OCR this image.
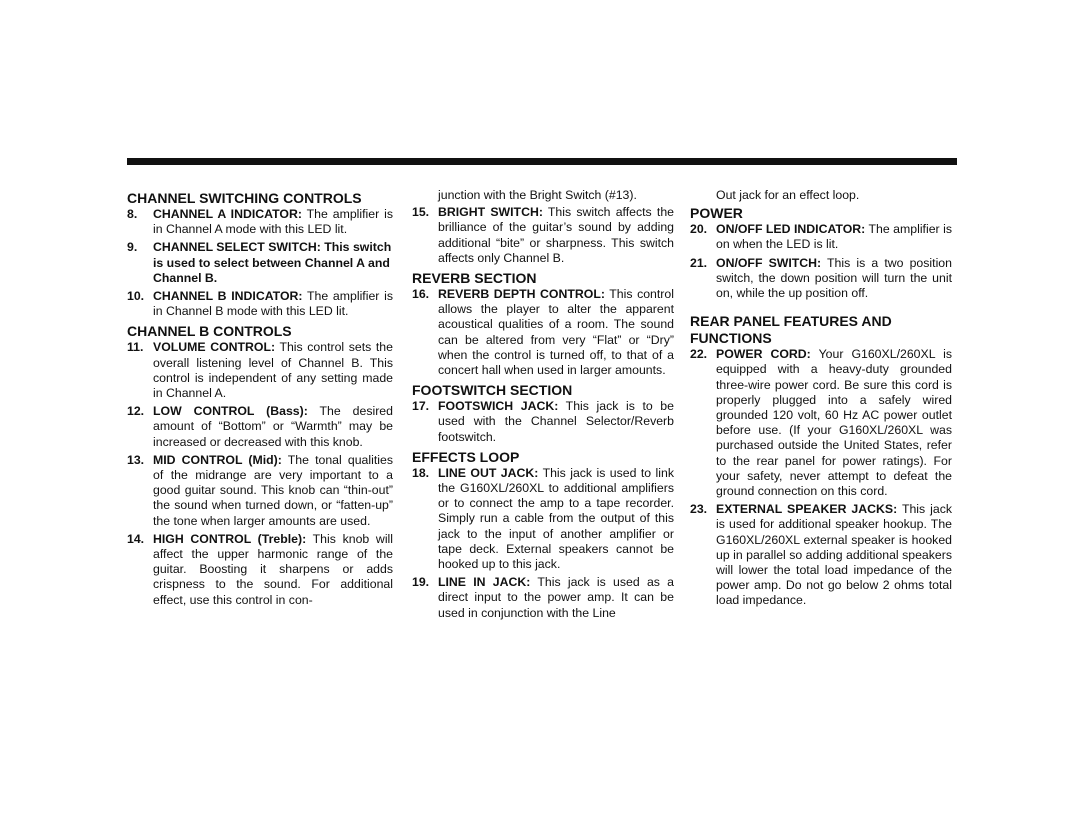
CHANNEL SWITCHING CONTROLS

8. CHANNEL A INDICATOR: The amplifier is in Channel A mode with this LED lit.

9. CHANNEL SELECT SWITCH: This switch is used to select between Channel A and Channel B.

10. CHANNEL B INDICATOR: The amplifier is in Channel B mode with this LED lit.

CHANNEL B CONTROLS

11. VOLUME CONTROL: This control sets the overall listening level of Channel B. This control is independent of any setting made in Channel A.

12. LOW CONTROL (Bass): The desired amount of “Bottom” or “Warmth” may be increased or decreased with this knob.

13. MID CONTROL (Mid): The tonal qualities of the midrange are very important to a good guitar sound. This knob can “thin-out” the sound when turned down, or “fatten-up” the tone when larger amounts are used.

14. HIGH CONTROL (Treble): This knob will affect the upper harmonic range of the guitar. Boosting it sharpens or adds crispness to the sound. For additional effect, use this control in con-

junction with the Bright Switch (#13).

15. BRIGHT SWITCH: This switch affects the brilliance of the guitar’s sound by adding additional “bite” or sharpness. This switch affects only Channel B.

REVERB SECTION

16. REVERB DEPTH CONTROL: This control allows the player to alter the apparent acoustical qualities of a room. The sound can be altered from very “Flat” or “Dry” when the control is turned off, to that of a concert hall when used in larger amounts.

FOOTSWITCH SECTION

17. FOOTSWICH JACK: This jack is to be used with the Channel Selector/Reverb footswitch.

EFFECTS LOOP

18. LINE OUT JACK: This jack is used to link the G160XL/260XL to additional amplifiers or to connect the amp to a tape recorder. Simply run a cable from the output of this jack to the input of another amplifier or tape deck. External speakers cannot be hooked up to this jack.

19. LINE IN JACK: This jack is used as a direct input to the power amp. It can be used in conjunction with the Line

Out jack for an effect loop.

POWER

20. ON/OFF LED INDICATOR: The amplifier is on when the LED is lit.

21. ON/OFF SWITCH: This is a two position switch, the down position will turn the unit on, while the up position off.

REAR PANEL FEATURES AND FUNCTIONS

22. POWER CORD: Your G160XL/260XL is equipped with a heavy-duty grounded three-wire power cord. Be sure this cord is properly plugged into a safely wired grounded 120 volt, 60 Hz AC power outlet before use. (If your G160XL/260XL was purchased outside the United States, refer to the rear panel for power ratings). For your safety, never attempt to defeat the ground connection on this cord.

23. EXTERNAL SPEAKER JACKS: This jack is used for additional speaker hookup. The G160XL/260XL external speaker is hooked up in parallel so adding additional speakers will lower the total load impedance of the power amp. Do not go below 2 ohms total load impedance.
